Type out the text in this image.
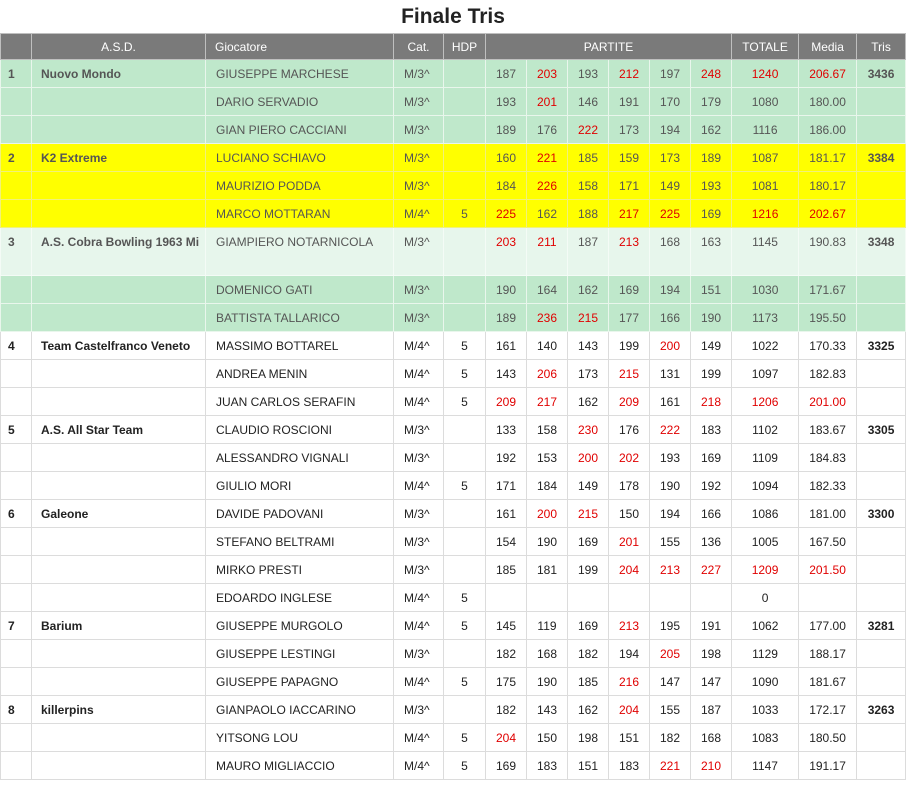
Finale Tris
	A.S.D.	Giocatore	Cat.	HDP	PARTITE						TOTALE	Media	Tris
1	Nuovo Mondo	GIUSEPPE MARCHESE	M/3^		187	203	193	212	197	248	1240	206.67	3436
		DARIO SERVADIO	M/3^		193	201	146	191	170	179	1080	180.00	
		GIAN PIERO CACCIANI	M/3^		189	176	222	173	194	162	1116	186.00	
2	K2 Extreme	LUCIANO SCHIAVO	M/3^		160	221	185	159	173	189	1087	181.17	3384
		MAURIZIO PODDA	M/3^		184	226	158	171	149	193	1081	180.17	
		MARCO MOTTARAN	M/4^	5	225	162	188	217	225	169	1216	202.67	
3	A.S. Cobra Bowling 1963 Mi	GIAMPIERO NOTARNICOLA	M/3^		203	211	187	213	168	163	1145	190.83	3348
		DOMENICO GATI	M/3^		190	164	162	169	194	151	1030	171.67	
		BATTISTA TALLARICO	M/3^		189	236	215	177	166	190	1173	195.50	
4	Team Castelfranco Veneto	MASSIMO BOTTAREL	M/4^	5	161	140	143	199	200	149	1022	170.33	3325
		ANDREA MENIN	M/4^	5	143	206	173	215	131	199	1097	182.83	
		JUAN CARLOS SERAFIN	M/4^	5	209	217	162	209	161	218	1206	201.00	
5	A.S. All Star Team	CLAUDIO ROSCIONI	M/3^		133	158	230	176	222	183	1102	183.67	3305
		ALESSANDRO VIGNALI	M/3^		192	153	200	202	193	169	1109	184.83	
		GIULIO MORI	M/4^	5	171	184	149	178	190	192	1094	182.33	
6	Galeone	DAVIDE PADOVANI	M/3^		161	200	215	150	194	166	1086	181.00	3300
		STEFANO BELTRAMI	M/3^		154	190	169	201	155	136	1005	167.50	
		MIRKO PRESTI	M/3^		185	181	199	204	213	227	1209	201.50	
		EDOARDO INGLESE	M/4^	5							0		
7	Barium	GIUSEPPE MURGOLO	M/4^	5	145	119	169	213	195	191	1062	177.00	3281
		GIUSEPPE LESTINGI	M/3^		182	168	182	194	205	198	1129	188.17	
		GIUSEPPE PAPAGNO	M/4^	5	175	190	185	216	147	147	1090	181.67	
8	killerpins	GIANPAOLO IACCARINO	M/3^		182	143	162	204	155	187	1033	172.17	3263
		YITSONG LOU	M/4^	5	204	150	198	151	182	168	1083	180.50	
		MAURO MIGLIACCIO	M/4^	5	169	183	151	183	221	210	1147	191.17	
